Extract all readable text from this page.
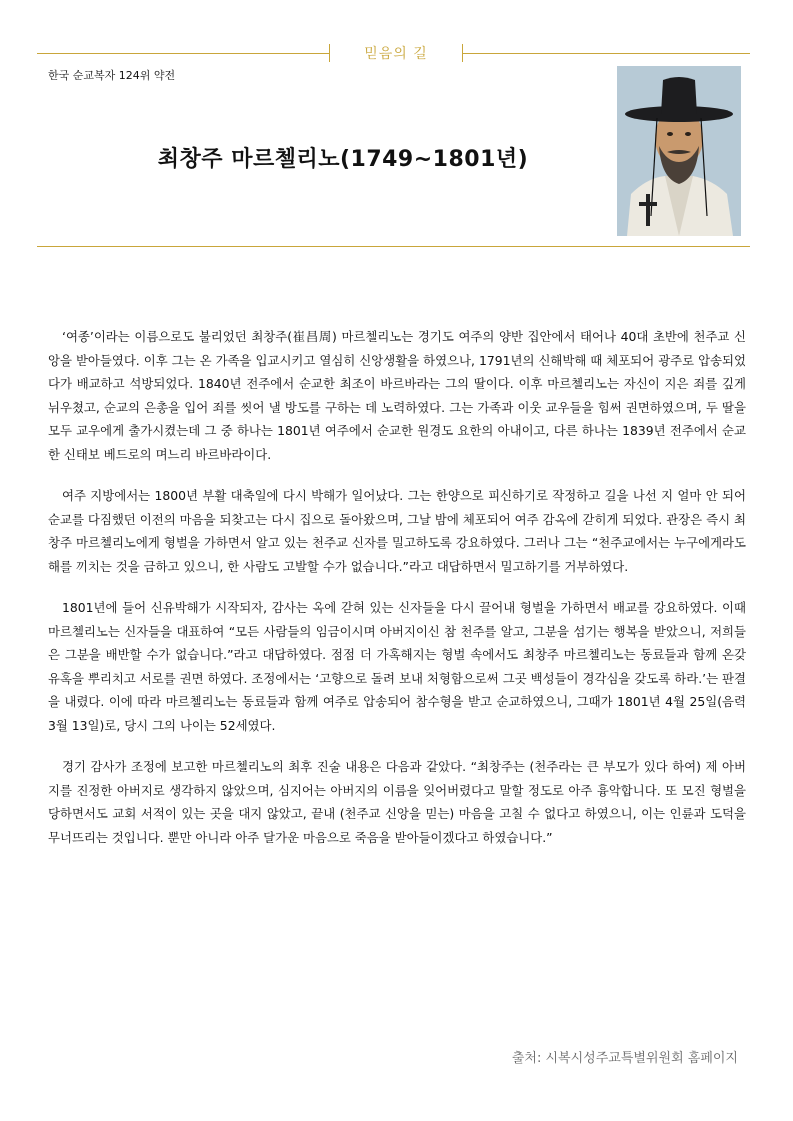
믿음의 길
한국 순교복자 124위 약전
최창주 마르첼리노(1749~1801년)

‘여종’이라는 이름으로도 불리었던 최창주(崔昌周) 마르첼리노는 경기도 여주의 양반 집안에서 태어나 40대 초반에 천주교 신앙을 받아들였다. 이후 그는 온 가족을 입교시키고 열심히 신앙생활을 하였으나, 1791년의 신해박해 때 체포되어 광주로 압송되었다가 배교하고 석방되었다. 1840년 전주에서 순교한 최조이 바르바라는 그의 딸이다. 이후 마르첼리노는 자신이 지은 죄를 깊게 뉘우쳤고, 순교의 은총을 입어 죄를 씻어 낼 방도를 구하는 데 노력하였다. 그는 가족과 이웃 교우들을 힘써 권면하였으며, 두 딸을 모두 교우에게 출가시켰는데 그 중 하나는 1801년 여주에서 순교한 원경도 요한의 아내이고, 다른 하나는 1839년 전주에서 순교한 신태보 베드로의 며느리 바르바라이다.

여주 지방에서는 1800년 부활 대축일에 다시 박해가 일어났다. 그는 한양으로 피신하기로 작정하고 길을 나선 지 얼마 안 되어 순교를 다짐했던 이전의 마음을 되찾고는 다시 집으로 돌아왔으며, 그날 밤에 체포되어 여주 감옥에 갇히게 되었다. 관장은 즉시 최창주 마르첼리노에게 형벌을 가하면서 알고 있는 천주교 신자를 밀고하도록 강요하였다. 그러나 그는 “천주교에서는 누구에게라도 해를 끼치는 것을 금하고 있으니, 한 사람도 고발할 수가 없습니다.”라고 대답하면서 밀고하기를 거부하였다.

1801년에 들어 신유박해가 시작되자, 감사는 옥에 갇혀 있는 신자들을 다시 끌어내 형벌을 가하면서 배교를 강요하였다. 이때 마르첼리노는 신자들을 대표하여 “모든 사람들의 임금이시며 아버지이신 참 천주를 알고, 그분을 섬기는 행복을 받았으니, 저희들은 그분을 배반할 수가 없습니다.”라고 대답하였다. 점점 더 가혹해지는 형벌 속에서도 최창주 마르첼리노는 동료들과 함께 온갖 유혹을 뿌리치고 서로를 권면 하였다. 조정에서는 ‘고향으로 돌려 보내 처형함으로써 그곳 백성들이 경각심을 갖도록 하라.’는 판결을 내렸다. 이에 따라 마르첼리노는 동료들과 함께 여주로 압송되어 참수형을 받고 순교하였으니, 그때가 1801년 4월 25일(음력 3월 13일)로, 당시 그의 나이는 52세였다.

경기 감사가 조정에 보고한 마르첼리노의 최후 진술 내용은 다음과 같았다. “최창주는 (천주라는 큰 부모가 있다 하여) 제 아버지를 진정한 아버지로 생각하지 않았으며, 심지어는 아버지의 이름을 잊어버렸다고 말할 정도로 아주 흉악합니다. 또 모진 형벌을 당하면서도 교회 서적이 있는 곳을 대지 않았고, 끝내 (천주교 신앙을 믿는) 마음을 고칠 수 없다고 하였으니, 이는 인륜과 도덕을 무너뜨리는 것입니다. 뿐만 아니라 아주 달가운 마음으로 죽음을 받아들이겠다고 하였습니다.”

출처: 시복시성주교특별위원회 홈페이지
